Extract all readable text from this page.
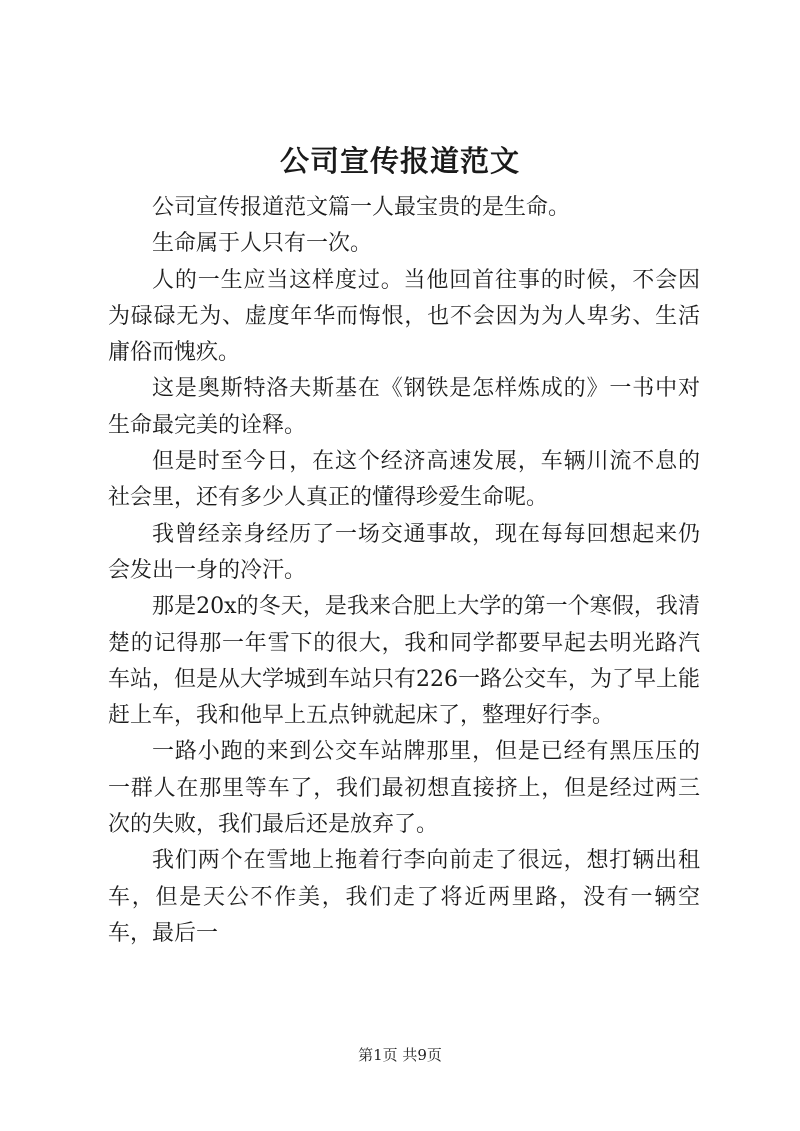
公司宣传报道范文

公司宣传报道范文篇一人最宝贵的是生命。

生命属于人只有一次。

人的一生应当这样度过。当他回首往事的时候，不会因为碌碌无为、虚度年华而悔恨，也不会因为为人卑劣、生活庸俗而愧疚。

这是奥斯特洛夫斯基在《钢铁是怎样炼成的》一书中对生命最完美的诠释。

但是时至今日，在这个经济高速发展，车辆川流不息的社会里，还有多少人真正的懂得珍爱生命呢。

我曾经亲身经历了一场交通事故，现在每每回想起来仍会发出一身的冷汗。

那是20x的冬天，是我来合肥上大学的第一个寒假，我清楚的记得那一年雪下的很大，我和同学都要早起去明光路汽车站，但是从大学城到车站只有226一路公交车，为了早上能赶上车，我和他早上五点钟就起床了，整理好行李。

一路小跑的来到公交车站牌那里，但是已经有黑压压的一群人在那里等车了，我们最初想直接挤上，但是经过两三次的失败，我们最后还是放弃了。

我们两个在雪地上拖着行李向前走了很远，想打辆出租车，但是天公不作美，我们走了将近两里路，没有一辆空车，最后一

第1页 共9页
